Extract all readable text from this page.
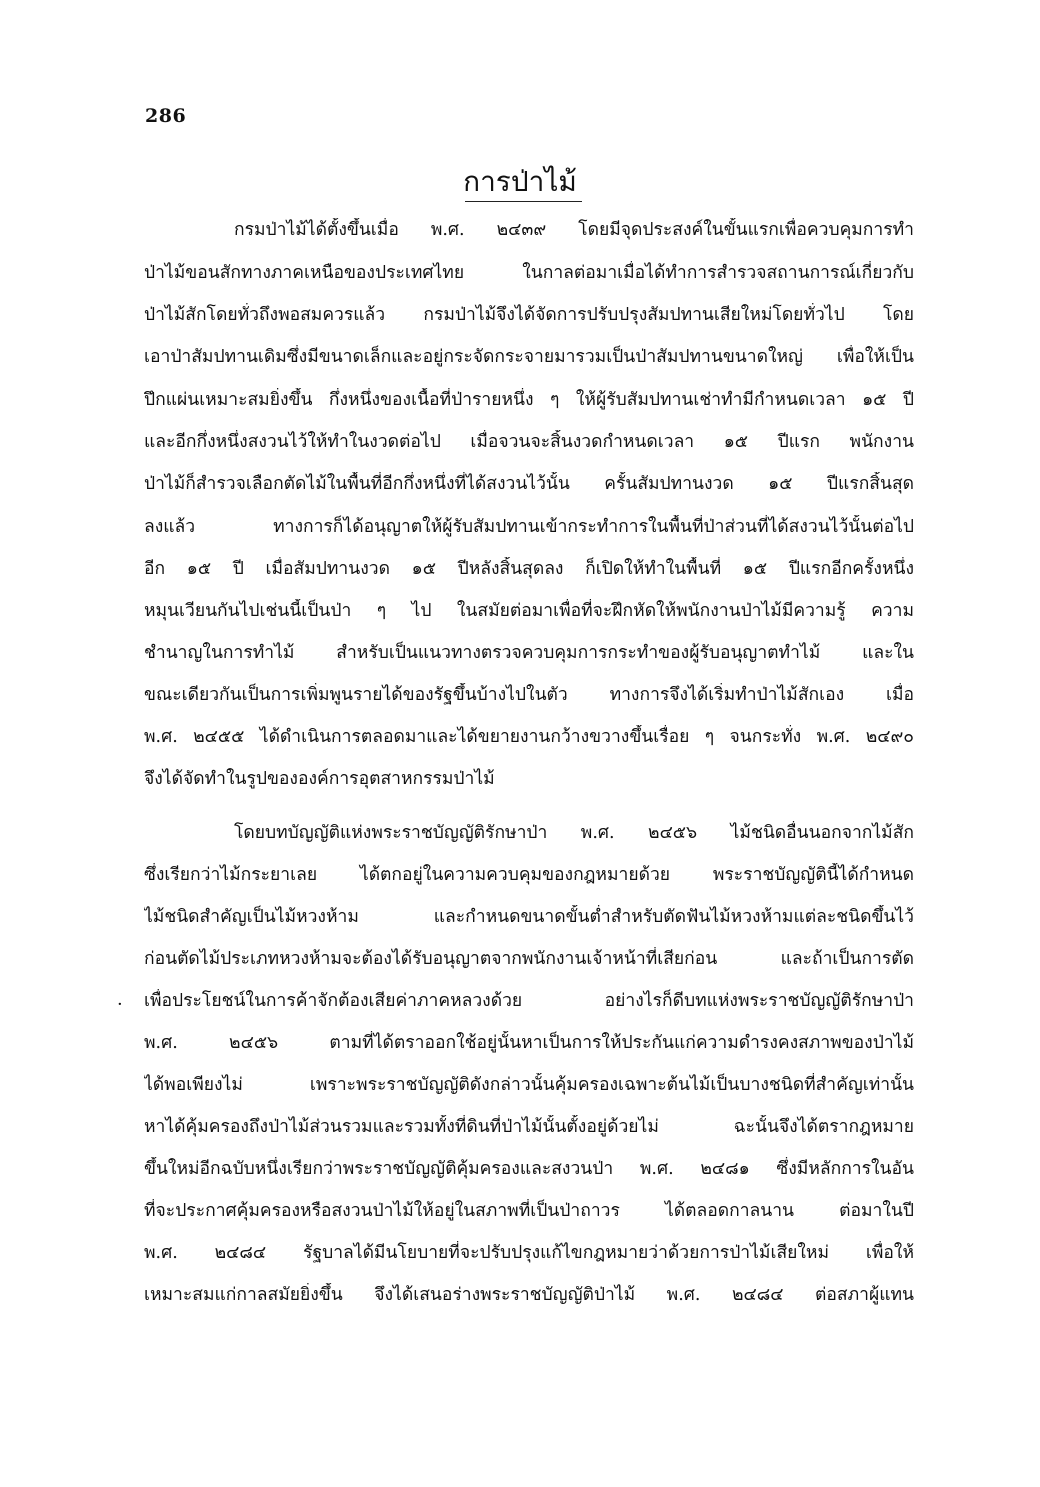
286
การป่าไม้
กรมป่าไม้ได้ตั้งขึ้นเมื่อ พ.ศ. ๒๔๓๙ โดยมีจุดประสงค์ในขั้นแรกเพื่อควบคุมการทำ
ป่าไม้ขอนสักทางภาคเหนือของประเทศไทย ในกาลต่อมาเมื่อได้ทำการสำรวจสถานการณ์เกี่ยวกับ
ป่าไม้สักโดยทั่วถึงพอสมควรแล้ว กรมป่าไม้จึงได้จัดการปรับปรุงสัมปทานเสียใหม่โดยทั่วไป โดย
เอาป่าสัมปทานเดิมซึ่งมีขนาดเล็กและอยู่กระจัดกระจายมารวมเป็นป่าสัมปทานขนาดใหญ่ เพื่อให้เป็น
ปึกแผ่นเหมาะสมยิ่งขึ้น กึ่งหนึ่งของเนื้อที่ป่ารายหนึ่ง ๆ ให้ผู้รับสัมปทานเช่าทำมีกำหนดเวลา ๑๕ ปี
และอีกกึ่งหนึ่งสงวนไว้ให้ทำในงวดต่อไป เมื่อจวนจะสิ้นงวดกำหนดเวลา ๑๕ ปีแรก พนักงาน
ป่าไม้ก็สำรวจเลือกตัดไม้ในพื้นที่อีกกึ่งหนึ่งที่ได้สงวนไว้นั้น ครั้นสัมปทานงวด ๑๕ ปีแรกสิ้นสุด
ลงแล้ว ทางการก็ได้อนุญาตให้ผู้รับสัมปทานเข้ากระทำการในพื้นที่ป่าส่วนที่ได้สงวนไว้นั้นต่อไป
อีก ๑๕ ปี เมื่อสัมปทานงวด ๑๕ ปีหลังสิ้นสุดลง ก็เปิดให้ทำในพื้นที่ ๑๕ ปีแรกอีกครั้งหนึ่ง
หมุนเวียนกันไปเช่นนี้เป็นป่า ๆ ไป ในสมัยต่อมาเพื่อที่จะฝึกหัดให้พนักงานป่าไม้มีความรู้ ความ
ชำนาญในการทำไม้ สำหรับเป็นแนวทางตรวจควบคุมการกระทำของผู้รับอนุญาตทำไม้ และใน
ขณะเดียวกันเป็นการเพิ่มพูนรายได้ของรัฐขึ้นบ้างไปในตัว ทางการจึงได้เริ่มทำป่าไม้สักเอง เมื่อ
พ.ศ. ๒๔๕๕ ได้ดำเนินการตลอดมาและได้ขยายงานกว้างขวางขึ้นเรื่อย ๆ จนกระทั่ง พ.ศ. ๒๔๙๐
จึงได้จัดทำในรูปขององค์การอุตสาหกรรมป่าไม้
โดยบทบัญญัติแห่งพระราชบัญญัติรักษาป่า พ.ศ. ๒๔๕๖ ไม้ชนิดอื่นนอกจากไม้สัก
ซึ่งเรียกว่าไม้กระยาเลย ได้ตกอยู่ในความควบคุมของกฎหมายด้วย พระราชบัญญัตินี้ได้กำหนด
ไม้ชนิดสำคัญเป็นไม้หวงห้าม และกำหนดขนาดขั้นต่ำสำหรับตัดฟันไม้หวงห้ามแต่ละชนิดขึ้นไว้
ก่อนตัดไม้ประเภทหวงห้ามจะต้องได้รับอนุญาตจากพนักงานเจ้าหน้าที่เสียก่อน และถ้าเป็นการตัด
เพื่อประโยชน์ในการค้าจักต้องเสียค่าภาคหลวงด้วย อย่างไรก็ดีบทแห่งพระราชบัญญัติรักษาป่า
พ.ศ. ๒๔๕๖ ตามที่ได้ตราออกใช้อยู่นั้นหาเป็นการให้ประกันแก่ความดำรงคงสภาพของป่าไม้
ได้พอเพียงไม่ เพราะพระราชบัญญัติดังกล่าวนั้นคุ้มครองเฉพาะต้นไม้เป็นบางชนิดที่สำคัญเท่านั้น
หาได้คุ้มครองถึงป่าไม้ส่วนรวมและรวมทั้งที่ดินที่ป่าไม้นั้นตั้งอยู่ด้วยไม่ ฉะนั้นจึงได้ตรากฎหมาย
ขึ้นใหม่อีกฉบับหนึ่งเรียกว่าพระราชบัญญัติคุ้มครองและสงวนป่า พ.ศ. ๒๔๘๑ ซึ่งมีหลักการในอัน
ที่จะประกาศคุ้มครองหรือสงวนป่าไม้ให้อยู่ในสภาพที่เป็นป่าถาวร ได้ตลอดกาลนาน ต่อมาในปี
พ.ศ. ๒๔๘๔ รัฐบาลได้มีนโยบายที่จะปรับปรุงแก้ไขกฎหมายว่าด้วยการป่าไม้เสียใหม่ เพื่อให้
เหมาะสมแก่กาลสมัยยิ่งขึ้น จึงได้เสนอร่างพระราชบัญญัติป่าไม้ พ.ศ. ๒๔๘๔ ต่อสภาผู้แทน
·
